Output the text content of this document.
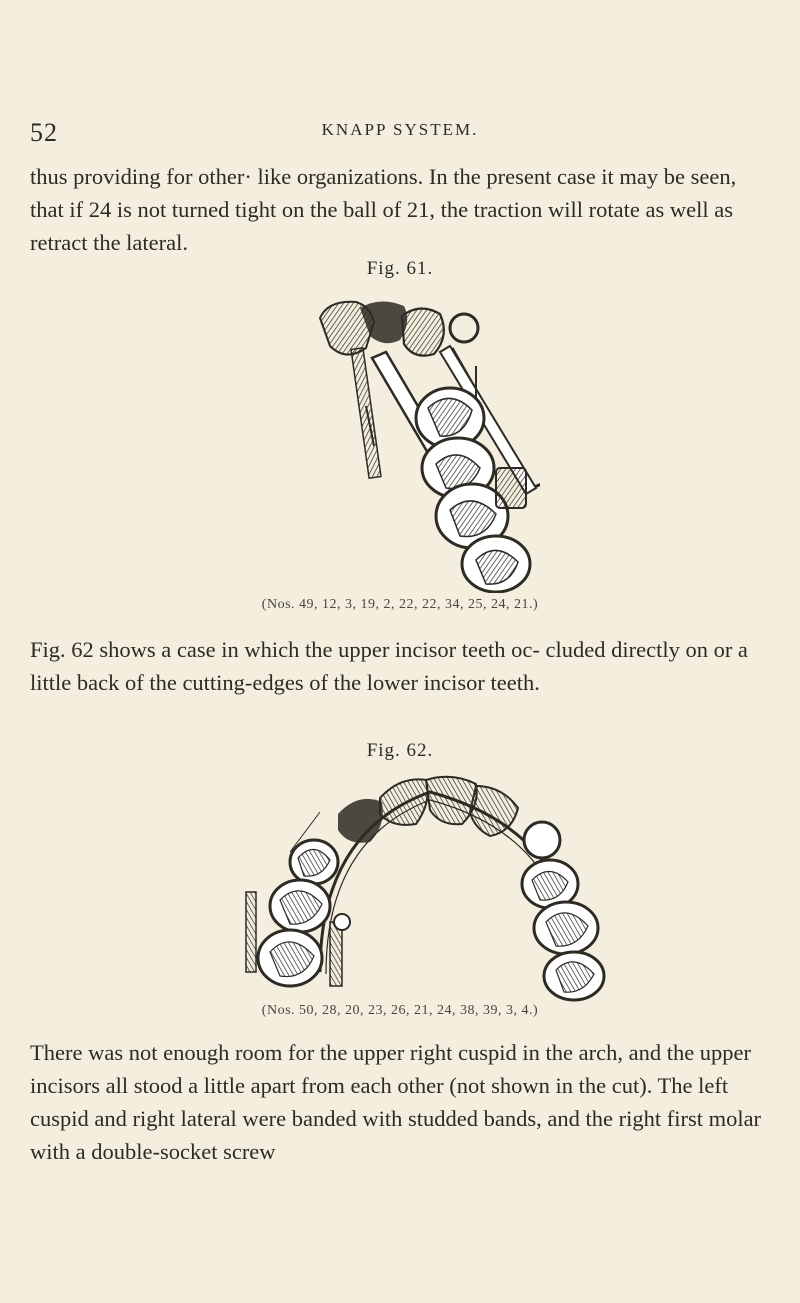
52	KNAPP SYSTEM.

thus providing for other· like organizations. In the present case it may be seen, that if 24 is not turned tight on the ball of 21, the traction will rotate as well as retract the lateral.

Fig. 61.
(Nos. 49, 12, 3, 19, 2, 22, 22, 34, 25, 24, 21.)

Fig. 62 shows a case in which the upper incisor teeth oc- cluded directly on or a little back of the cutting-edges of the lower incisor teeth.

Fig. 62.
(Nos. 50, 28, 20, 23, 26, 21, 24, 38, 39, 3, 4.)

There was not enough room for the upper right cuspid in the arch, and the upper incisors all stood a little apart from each other (not shown in the cut). The left cuspid and right lateral were banded with studded bands, and the right first molar with a double-socket screw
